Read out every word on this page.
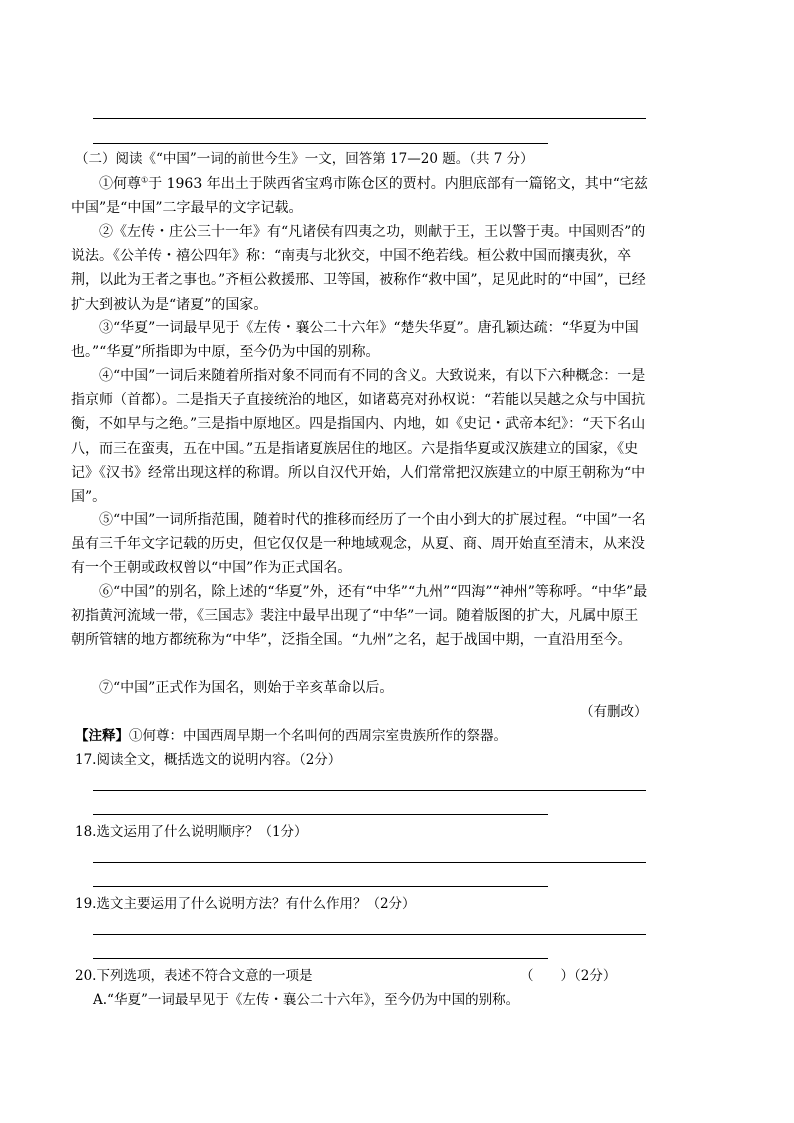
（二）阅读《“中国”一词的前世今生》一文，回答第 17—20 题。（共 7 分）
①何尊①于 1963 年出土于陕西省宝鸡市陈仓区的贾村。内胆底部有一篇铭文，其中“宅兹中国”是“中国”二字最早的文字记载。
②《左传・庄公三十一年》有“凡诸侯有四夷之功，则献于王，王以警于夷。中国则否”的说法。《公羊传・禧公四年》称：“南夷与北狄交，中国不绝若线。桓公救中国而攘夷狄，卒荆，以此为王者之事也。”齐桓公救援邢、卫等国，被称作“救中国”，足见此时的“中国”，已经扩大到被认为是“诸夏”的国家。
③“华夏”一词最早见于《左传・襄公二十六年》“楚失华夏”。唐孔颖达疏：“华夏为中国也。”“华夏”所指即为中原，至今仍为中国的别称。
④“中国”一词后来随着所指对象不同而有不同的含义。大致说来，有以下六种概念：一是指京师（首都）。二是指天子直接统治的地区，如诸葛亮对孙权说：“若能以吴越之众与中国抗衡，不如早与之绝。”三是指中原地区。四是指国内、内地，如《史记・武帝本纪》：“天下名山八，而三在蛮夷，五在中国。”五是指诸夏族居住的地区。六是指华夏或汉族建立的国家，《史记》《汉书》经常出现这样的称谓。所以自汉代开始，人们常常把汉族建立的中原王朝称为“中国”。
⑤“中国”一词所指范围，随着时代的推移而经历了一个由小到大的扩展过程。“中国”一名虽有三千年文字记载的历史，但它仅仅是一种地域观念，从夏、商、周开始直至清末，从来没有一个王朝或政权曾以“中国”作为正式国名。
⑥“中国”的别名，除上述的“华夏”外，还有“中华”“九州”“四海”“神州”等称呼。“中华”最初指黄河流域一带，《三国志》裴注中最早出现了“中华”一词。随着版图的扩大，凡属中原王朝所管辖的地方都统称为“中华”，泛指全国。“九州”之名，起于战国中期，一直沿用至今。
⑦“中国”正式作为国名，则始于辛亥革命以后。
（有删改）
【注释】①何尊：中国西周早期一个名叫何的西周宗室贵族所作的祭器。
17.阅读全文，概括选文的说明内容。（2分）
18.选文运用了什么说明顺序？（1分）
19.选文主要运用了什么说明方法？有什么作用？（2分）
20.下列选项，表述不符合文意的一项是	（　　）（2分）
A.“华夏”一词最早见于《左传・襄公二十六年》，至今仍为中国的别称。
